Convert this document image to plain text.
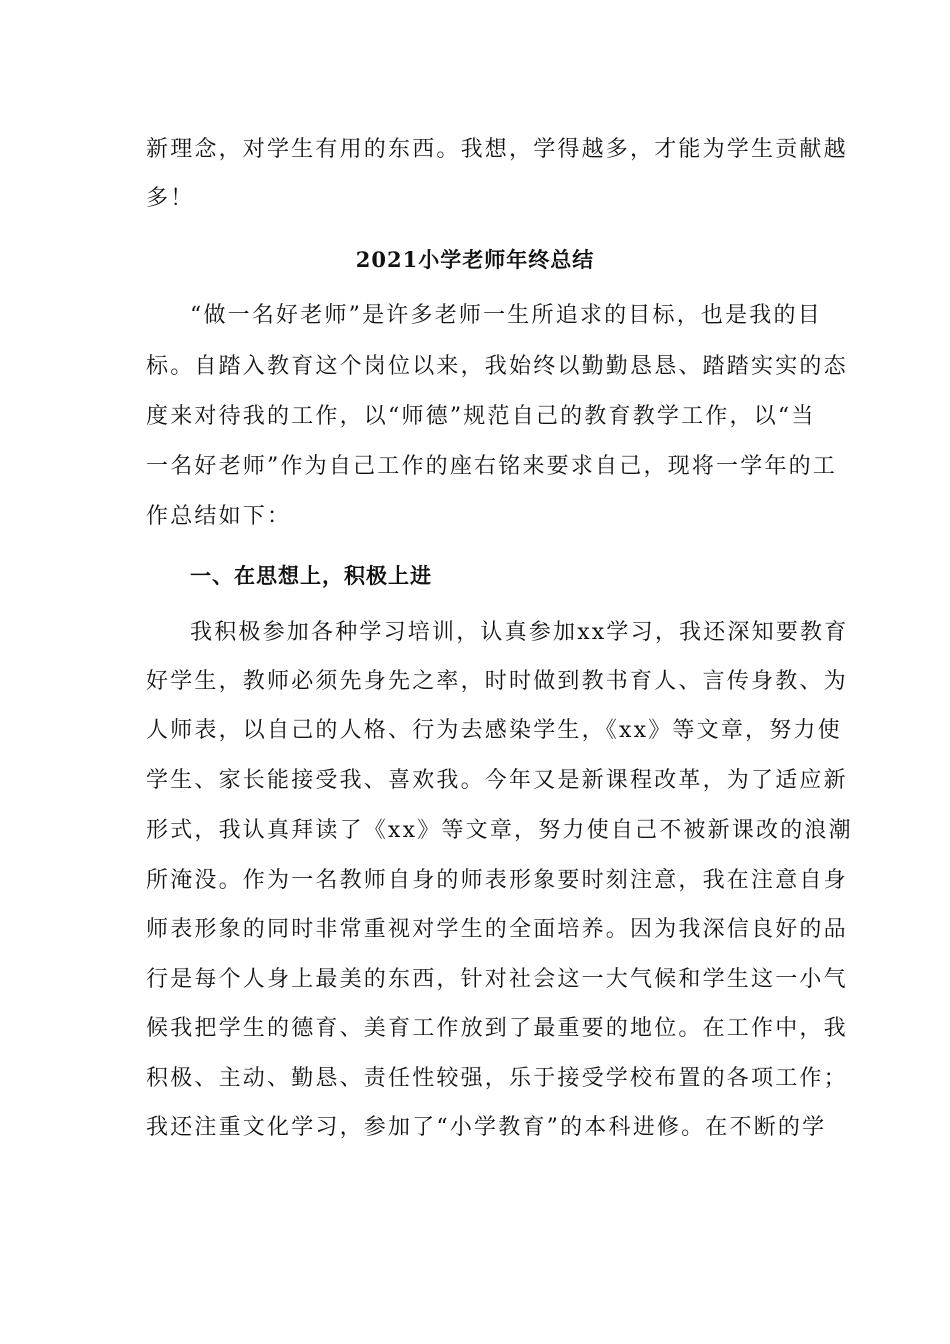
新理念，对学生有用的东西。我想，学得越多，才能为学生贡献越
多！
2021小学老师年终总结
“做一名好老师”是许多老师一生所追求的目标，也是我的目
标。自踏入教育这个岗位以来，我始终以勤勤恳恳、踏踏实实的态
度来对待我的工作，以“师德”规范自己的教育教学工作，以“当
一名好老师”作为自己工作的座右铭来要求自己，现将一学年的工
作总结如下：
一、在思想上，积极上进
我积极参加各种学习培训，认真参加xx学习，我还深知要教育
好学生，教师必须先身先之率，时时做到教书育人、言传身教、为
人师表，以自己的人格、行为去感染学生，《xx》等文章，努力使
学生、家长能接受我、喜欢我。今年又是新课程改革，为了适应新
形式，我认真拜读了《xx》等文章，努力使自己不被新课改的浪潮
所淹没。作为一名教师自身的师表形象要时刻注意，我在注意自身
师表形象的同时非常重视对学生的全面培养。因为我深信良好的品
行是每个人身上最美的东西，针对社会这一大气候和学生这一小气
候我把学生的德育、美育工作放到了最重要的地位。在工作中，我
积极、主动、勤恳、责任性较强，乐于接受学校布置的各项工作；
我还注重文化学习，参加了“小学教育”的本科进修。在不断的学
